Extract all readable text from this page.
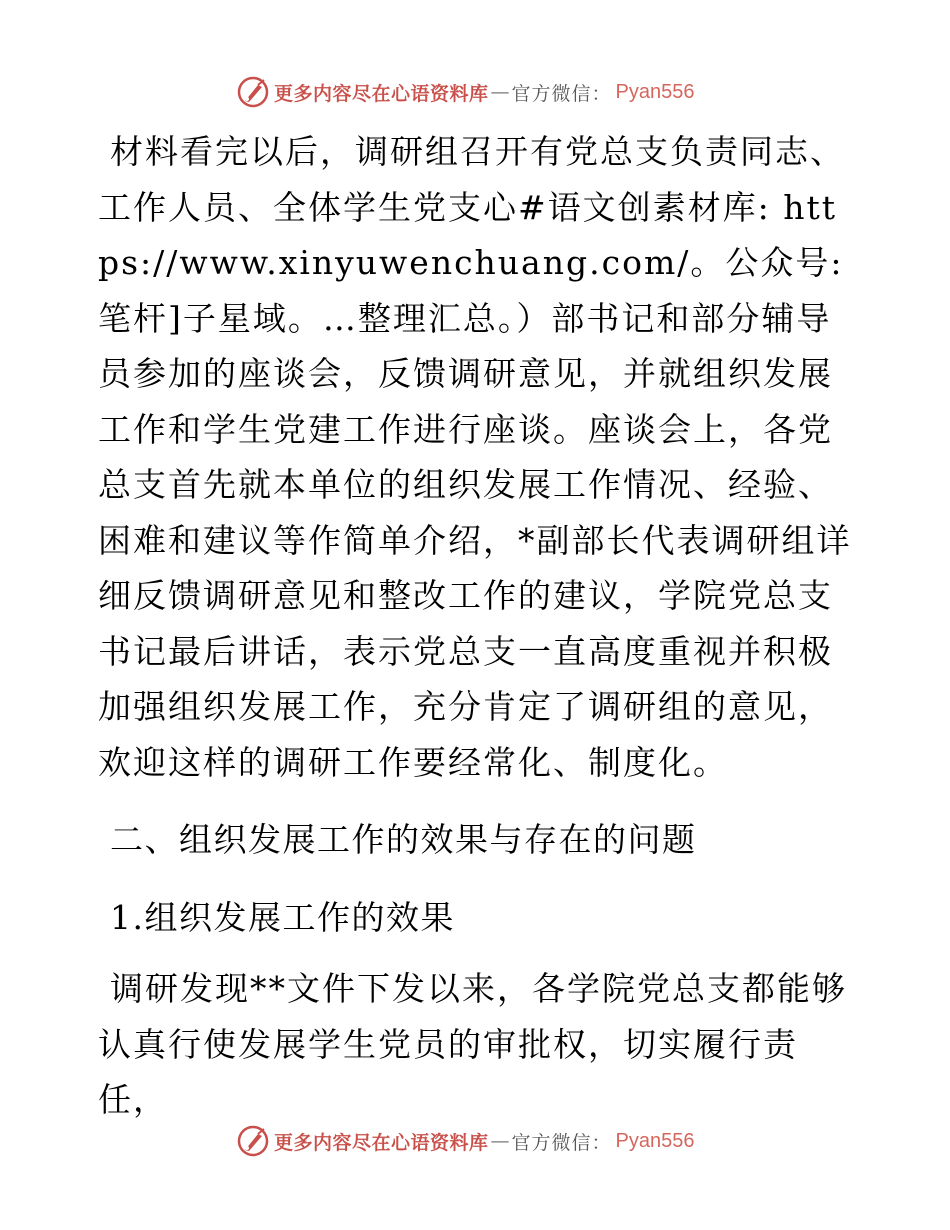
更多内容尽在心语资料库 — 官方微信： Pyan556

材料看完以后，调研组召开有党总支负责同志、工作人员、全体学生党支心#语文创素材库: https://www.xinyuwenchuang.com/。公众号: 笔杆]子星域。…整理汇总。）部书记和部分辅导员参加的座谈会，反馈调研意见，并就组织发展工作和学生党建工作进行座谈。座谈会上，各党总支首先就本单位的组织发展工作情况、经验、困难和建议等作简单介绍，*副部长代表调研组详细反馈调研意见和整改工作的建议，学院党总支书记最后讲话，表示党总支一直高度重视并积极加强组织发展工作，充分肯定了调研组的意见，欢迎这样的调研工作要经常化、制度化。

二、组织发展工作的效果与存在的问题

1.组织发展工作的效果

调研发现**文件下发以来，各学院党总支都能够认真行使发展学生党员的审批权，切实履行责任，

更多内容尽在心语资料库 — 官方微信： Pyan556
